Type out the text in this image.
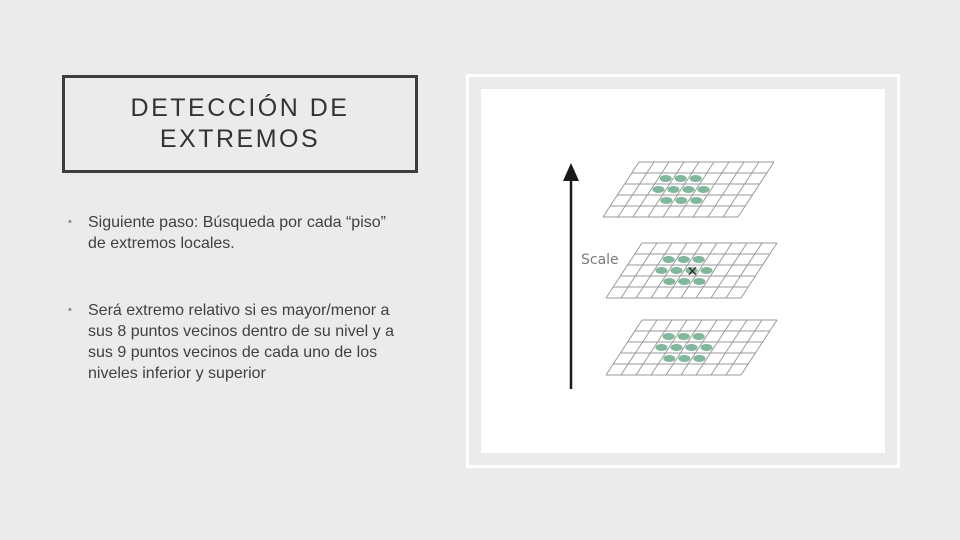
DETECCIÓN DE EXTREMOS
• Siguiente paso: Búsqueda por cada “piso” de extremos locales.
• Será extremo relativo si es mayor/menor a sus 8 puntos vecinos dentro de su nivel y a sus 9 puntos vecinos de cada uno de los niveles inferior y superior
Scale
×
